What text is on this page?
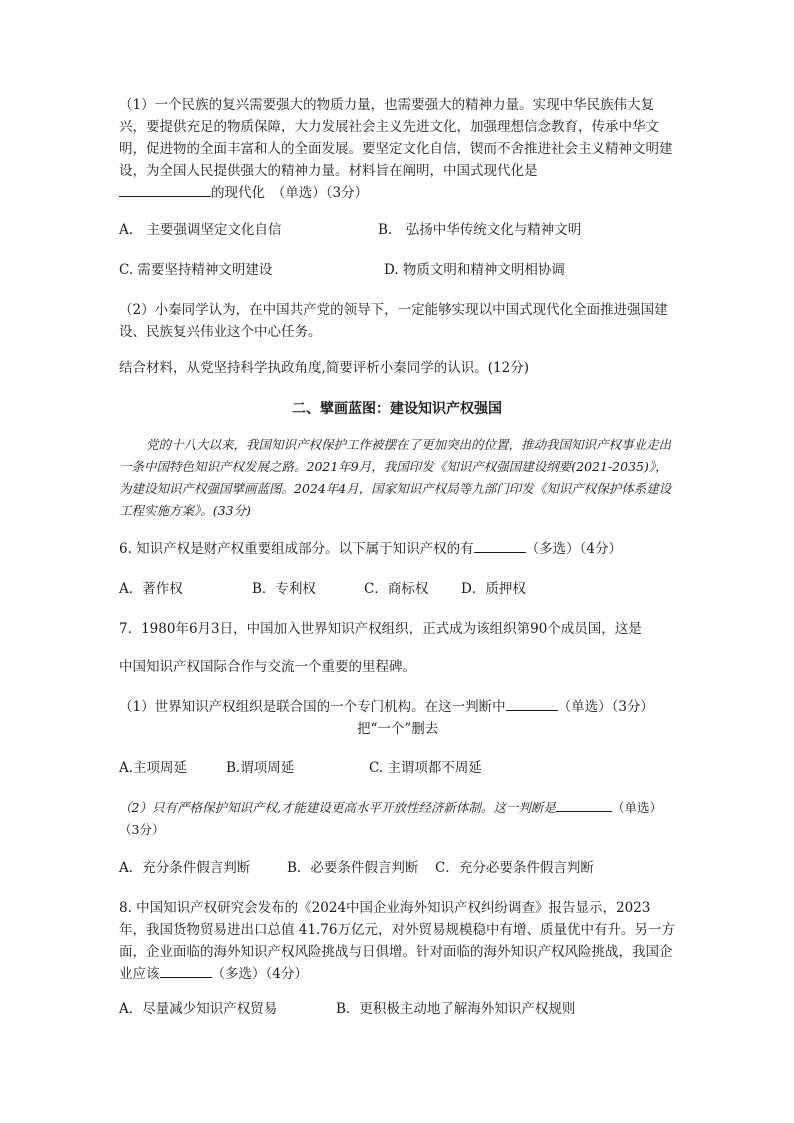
（1）一个民族的复兴需要强大的物质力量，也需要强大的精神力量。实现中华民族伟大复兴，要提供充足的物质保障，大力发展社会主义先进文化，加强理想信念教育，传承中华文明，促进物的全面丰富和人的全面发展。要坚定文化自信，锲而不舍推进社会主义精神文明建设，为全国人民提供强大的精神力量。材料旨在阐明，中国式现代化是
的现代化　（单选）（3分）

A.　主要强调坚定文化自信	B.　弘扬中华传统文化与精神文明
C. 需要坚持精神文明建设	D. 物质文明和精神文明相协调

（2）小秦同学认为，在中国共产党的领导下，一定能够实现以中国式现代化全面推进强国建设、民族复兴伟业这个中心任务。

结合材料，从党坚持科学执政角度,简要评析小秦同学的认识。(12分)

二、擘画蓝图：建设知识产权强国

党的十八大以来，我国知识产权保护工作被摆在了更加突出的位置，推动我国知识产权事业走出一条中国特色知识产权发展之路。2021年9月，我国印发《知识产权强国建设纲要(2021-2035)》，为建设知识产权强国擘画蓝图。2024年4月，国家知识产权局等九部门印发《知识产权保护体系建设工程实施方案》。(33分)

6. 知识产权是财产权重要组成部分。以下属于知识产权的有	（多选）（4分）

A．著作权	B．专利权	C．商标权 D．质押权

7．1980年6月3日，中国加入世界知识产权组织，正式成为该组织第90个成员国，这是

中国知识产权国际合作与交流一个重要的里程碑。

（1）世界知识产权组织是联合国的一个专门机构。在这一判断中	（单选）（3分）

把“一个”删去
A.主项周延	B.谓项周延	C. 主谓项都不周延

（2）只有严格保护知识产权,才能建设更高水平开放性经济新体制。这一判断是	（单选）（3分）

A．充分条件假言判断	B．必要条件假言判断 C．充分必要条件假言判断

8. 中国知识产权研究会发布的《2024中国企业海外知识产权纠纷调查》报告显示，2023年，我国货物贸易进出口总值 41.76万亿元，对外贸易规模稳中有增、质量优中有升。另一方面，企业面临的海外知识产权风险挑战与日俱增。针对面临的海外知识产权风险挑战，我国企业应该	（多选）（4分）

A．尽量减少知识产权贸易	B．更积极主动地了解海外知识产权规则
